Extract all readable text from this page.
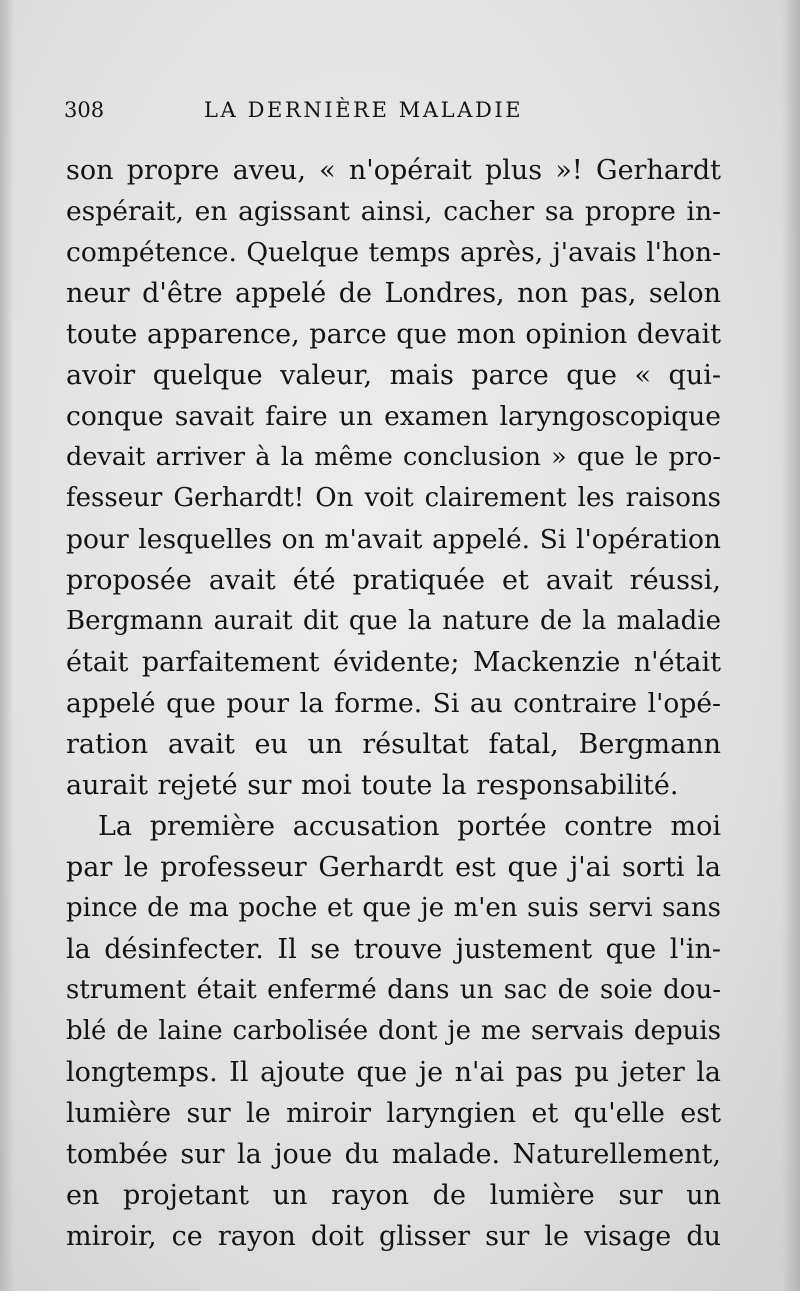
308	LA DERNIÈRE MALADIE
son propre aveu, « n'opérait plus »! Gerhardt
espérait, en agissant ainsi, cacher sa propre in-
compétence. Quelque temps après, j'avais l'hon-
neur d'être appelé de Londres, non pas, selon
toute apparence, parce que mon opinion devait
avoir quelque valeur, mais parce que « qui-
conque savait faire un examen laryngoscopique
devait arriver à la même conclusion » que le pro-
fesseur Gerhardt! On voit clairement les raisons
pour lesquelles on m'avait appelé. Si l'opération
proposée avait été pratiquée et avait réussi,
Bergmann aurait dit que la nature de la maladie
était parfaitement évidente; Mackenzie n'était
appelé que pour la forme. Si au contraire l'opé-
ration avait eu un résultat fatal, Bergmann
aurait rejeté sur moi toute la responsabilité.
La première accusation portée contre moi
par le professeur Gerhardt est que j'ai sorti la
pince de ma poche et que je m'en suis servi sans
la désinfecter. Il se trouve justement que l'in-
strument était enfermé dans un sac de soie dou-
blé de laine carbolisée dont je me servais depuis
longtemps. Il ajoute que je n'ai pas pu jeter la
lumière sur le miroir laryngien et qu'elle est
tombée sur la joue du malade. Naturellement,
en projetant un rayon de lumière sur un
miroir, ce rayon doit glisser sur le visage du
